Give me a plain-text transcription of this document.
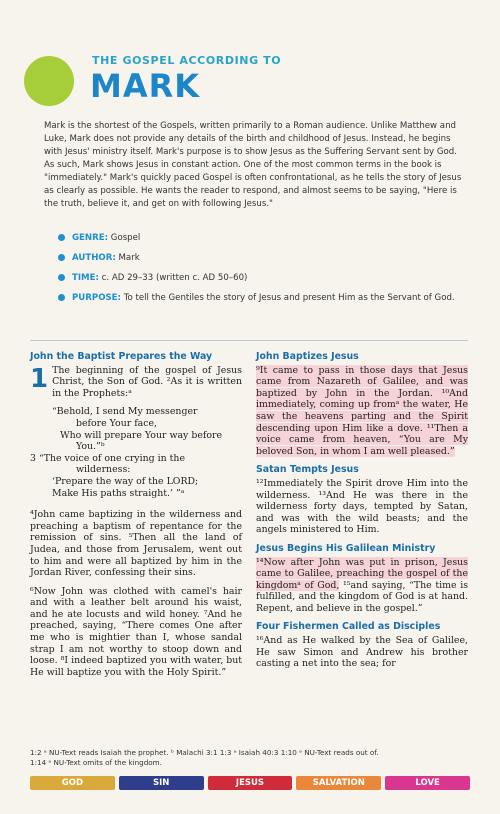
THE GOSPEL ACCORDING TO
MARK
Mark is the shortest of the Gospels, written primarily to a Roman audience. Unlike Matthew and Luke, Mark does not provide any details of the birth and childhood of Jesus. Instead, he begins with Jesus' ministry itself. Mark's purpose is to show Jesus as the Suffering Servant sent by God. As such, Mark shows Jesus in constant action. One of the most common terms in the book is "immediately." Mark's quickly paced Gospel is often confrontational, as he tells the story of Jesus as clearly as possible. He wants the reader to respond, and almost seems to be saying, "Here is the truth, believe it, and get on with following Jesus."
GENRE: Gospel
AUTHOR: Mark
TIME: c. AD 29–33 (written c. AD 50–60)
PURPOSE: To tell the Gentiles the story of Jesus and present Him as the Servant of God.
John the Baptist Prepares the Way

1 The beginning of the gospel of Jesus Christ, the Son of God. ²As it is written in the Prophets:ᵃ

“Behold, I send My messenger
before Your face,
Who will prepare Your way before
You.”ᵇ
3 “The voice of one crying in the
wilderness:
‘Prepare the way of the LORD;
Make His paths straight.’ ”ᵃ

⁴John came baptizing in the wilderness and preaching a baptism of repentance for the remission of sins. ⁵Then all the land of Judea, and those from Jerusalem, went out to him and were all baptized by him in the Jordan River, confessing their sins.

⁶Now John was clothed with camel's hair and with a leather belt around his waist, and he ate locusts and wild honey. ⁷And he preached, saying, “There comes One after me who is mightier than I, whose sandal strap I am not worthy to stoop down and loose. ⁸I indeed baptized you with water, but He will baptize you with the Holy Spirit.”

John Baptizes Jesus

⁹It came to pass in those days that Jesus came from Nazareth of Galilee, and was baptized by John in the Jordan. ¹⁰And immediately, coming up fromᵃ the water, He saw the heavens parting and the Spirit descending upon Him like a dove. ¹¹Then a voice came from heaven, “You are My beloved Son, in whom I am well pleased.”

Satan Tempts Jesus

¹²Immediately the Spirit drove Him into the wilderness. ¹³And He was there in the wilderness forty days, tempted by Satan, and was with the wild beasts; and the angels ministered to Him.

Jesus Begins His Galilean Ministry

¹⁴Now after John was put in prison, Jesus came to Galilee, preaching the gospel of the kingdomᵃ of God, ¹⁵and saying, “The time is fulfilled, and the kingdom of God is at hand. Repent, and believe in the gospel.”

Four Fishermen Called as Disciples

¹⁶And as He walked by the Sea of Galilee, He saw Simon and Andrew his brother casting a net into the sea; for

1:2 ᵃ NU-Text reads Isaiah the prophet. ᵇ Malachi 3:1 1:3 ᵃ Isaiah 40:3 1:10 ᵃ NU-Text reads out of.
1:14 ᵃ NU-Text omits of the kingdom.
GOD	SIN	JESUS	SALVATION	LOVE
